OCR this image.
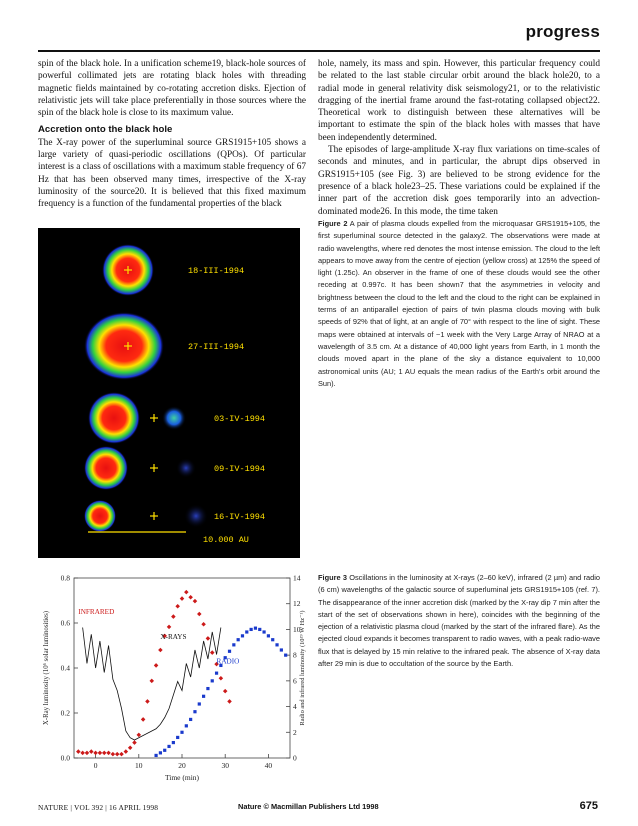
progress

spin of the black hole. In a unification scheme19, black-hole sources of powerful collimated jets are rotating black holes with threading magnetic fields maintained by co-rotating accretion disks. Ejection of relativistic jets will take place preferentially in those sources where the spin of the black hole is close to its maximum value.

Accretion onto the black hole

The X-ray power of the superluminal source GRS1915+105 shows a large variety of quasi-periodic oscillations (QPOs). Of particular interest is a class of oscillations with a maximum stable frequency of 67 Hz that has been observed many times, irrespective of the X-ray luminosity of the source20. It is believed that this fixed maximum frequency is a function of the fundamental properties of the black

hole, namely, its mass and spin. However, this particular frequency could be related to the last stable circular orbit around the black hole20, to a radial mode in general relativity disk seismology21, or to the relativistic dragging of the inertial frame around the fast-rotating collapsed object22. Theoretical work to distinguish between these alternatives will be important to estimate the spin of the black holes with masses that have been independently determined.

The episodes of large-amplitude X-ray flux variations on time-scales of seconds and minutes, and in particular, the abrupt dips observed in GRS1915+105 (see Fig. 3) are believed to be strong evidence for the presence of a black hole23–25. These variations could be explained if the inner part of the accretion disk goes temporarily into an advection-dominated mode26. In this mode, the time taken

18-III-1994
27-III-1994
03-IV-1994
09-IV-1994
16-IV-1994
10.000 AU
Figure 2 A pair of plasma clouds expelled from the microquasar GRS1915+105, the first superluminal source detected in the galaxy2. The observations were made at radio wavelengths, where red denotes the most intense emission. The cloud to the left appears to move away from the centre of ejection (yellow cross) at 125% the speed of light (1.25c). An observer in the frame of one of these clouds would see the other receding at 0.997c. It has been shown7 that the asymmetries in velocity and brightness between the cloud to the left and the cloud to the right can be explained in terms of an antiparallel ejection of pairs of twin plasma clouds moving with bulk speeds of 92% that of light, at an angle of 70° with respect to the line of sight. These maps were obtained at intervals of ~1 week with the Very Large Array of NRAO at a wavelength of 3.5 cm. At a distance of 40,000 light years from Earth, in 1 month the clouds moved apart in the plane of the sky a distance equivalent to 10,000 astronomical units (AU; 1 AU equals the mean radius of the Earth's orbit around the Sun).
0	10	20	30	40
0.0
0.2
0.4
0.6
0.8
0
2
4
6
8
10
12
14
Time (min)
X-Ray luminosity (10⁶ solar luminosities)	Radio and infrared luminosity (10¹⁹ W Hz⁻¹)
INFRARED
X-RAYS
RADIO
Figure 3 Oscillations in the luminosity at X-rays (2–60 keV), infrared (2 µm) and radio (6 cm) wavelengths of the galactic source of superluminal jets GRS1915+105 (ref. 7). The disappearance of the inner accretion disk (marked by the X-ray dip 7 min after the start of the set of observations shown in here), coincides with the beginning of the ejection of a relativistic plasma cloud (marked by the start of the infrared flare). As the ejected cloud expands it becomes transparent to radio waves, with a peak radio-wave flux that is delayed by 15 min relative to the infrared peak. The absence of X-ray data after 29 min is due to occultation of the source by the Earth.
NATURE | VOL 392 | 16 APRIL 1998	Nature © Macmillan Publishers Ltd 1998	675
